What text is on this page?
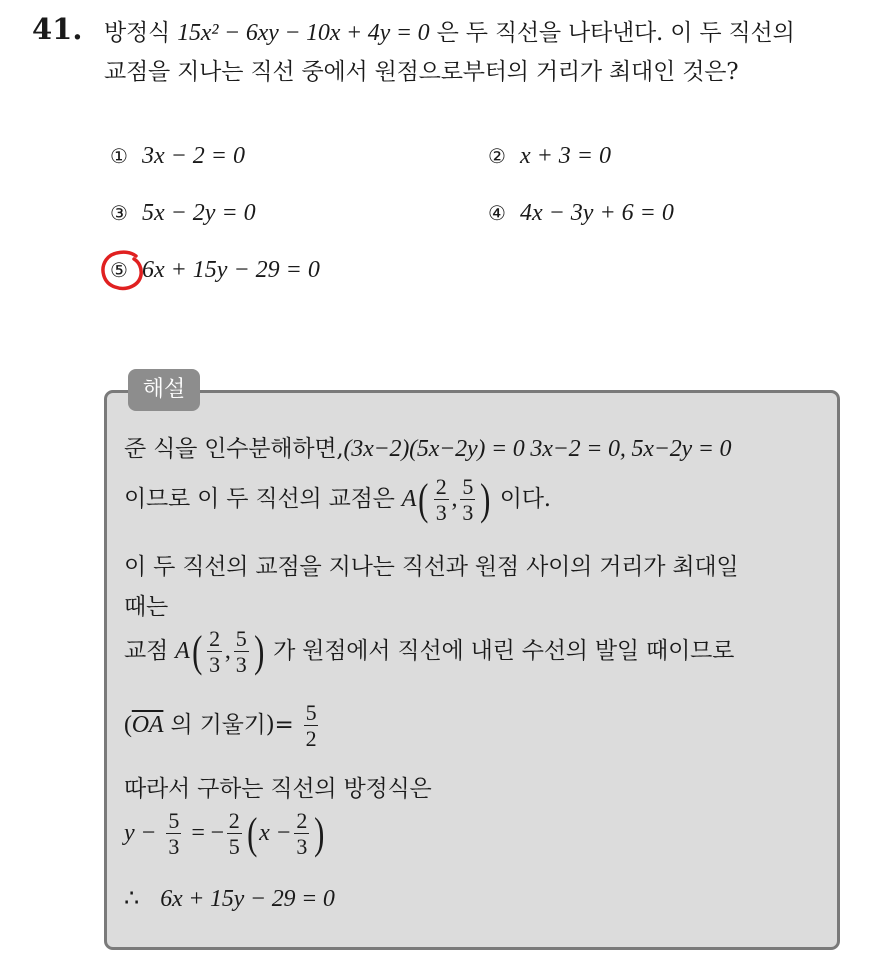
41. 방정식 15x² − 6xy − 10x + 4y = 0 은 두 직선을 나타낸다. 이 두 직선의
교점을 지나는 직선 중에서 원점으로부터의 거리가 최대인 것은?
① 3x − 2 = 0	② x + 3 = 0
③ 5x − 2y = 0	④ 4x − 3y + 6 = 0
⑤ 6x + 15y − 29 = 0
해설
준 식을 인수분해하면,(3x−2)(5x−2y) = 0 3x−2 = 0, 5x−2y = 0
이므로 이 두 직선의 교점은 $A( \frac{2}{3}$ , $\frac{5}{3}$ ) 이다.
이 두 직선의 교점을 지나는 직선과 원점 사이의 거리가 최대일
때는
교점 $A( \frac{2}{3}$ , $\frac{5}{3}$ ) 가 원점에서 직선에 내린 수선의 발일 때이므로
($\overline{OA}$ 의 기울기)= $\frac{5}{2}$
따라서 구하는 직선의 방정식은
$y - \frac{5}{3}$ = − $\frac{2}{5} (x - \frac{2}{3}$ )
∴ 6x + 15y − 29 = 0
